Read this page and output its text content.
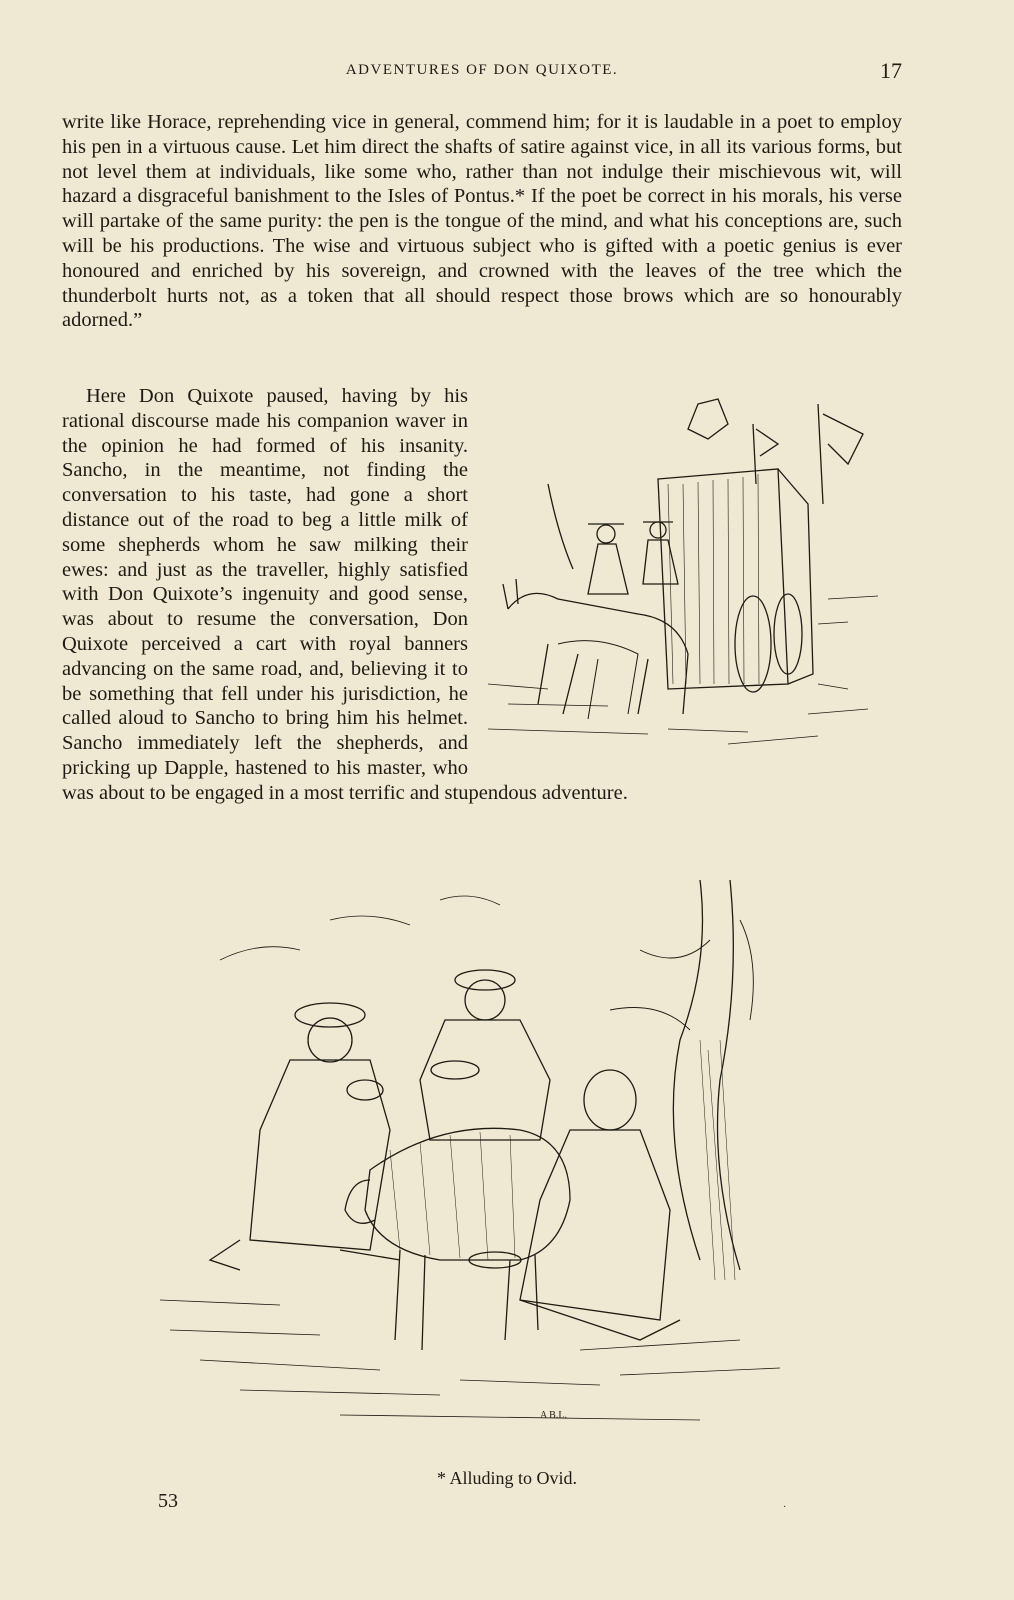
ADVENTURES OF DON QUIXOTE.	17

write like Horace, reprehending vice in general, commend him; for it is laudable in a poet to employ his pen in a virtuous cause. Let him direct the shafts of satire against vice, in all its various forms, but not level them at individuals, like some who, rather than not indulge their mischievous wit, will hazard a disgraceful banishment to the Isles of Pontus.* If the poet be correct in his morals, his verse will partake of the same purity: the pen is the tongue of the mind, and what his conceptions are, such will be his productions. The wise and virtuous subject who is gifted with a poetic genius is ever honoured and enriched by his sovereign, and crowned with the leaves of the tree which the thunderbolt hurts not, as a token that all should respect those brows which are so honourably adorned.”

Here Don Quixote paused, having by his rational discourse made his companion waver in the opinion he had formed of his insanity. Sancho, in the meantime, not finding the conversation to his taste, had gone a short distance out of the road to beg a little milk of some shepherds whom he saw milking their ewes: and just as the traveller, highly satisfied with Don Quixote’s ingenuity and good sense, was about to resume the conversation, Don Quixote perceived a cart with royal banners advancing on the same road, and, believing it to be something that fell under his jurisdiction, he called aloud to Sancho to bring him his helmet. Sancho immediately left the shepherds, and pricking up Dapple, hastened to his master, who was about to be engaged in a most terrific and stupendous adventure.

A B.L.
* Alluding to Ovid.
53	·
